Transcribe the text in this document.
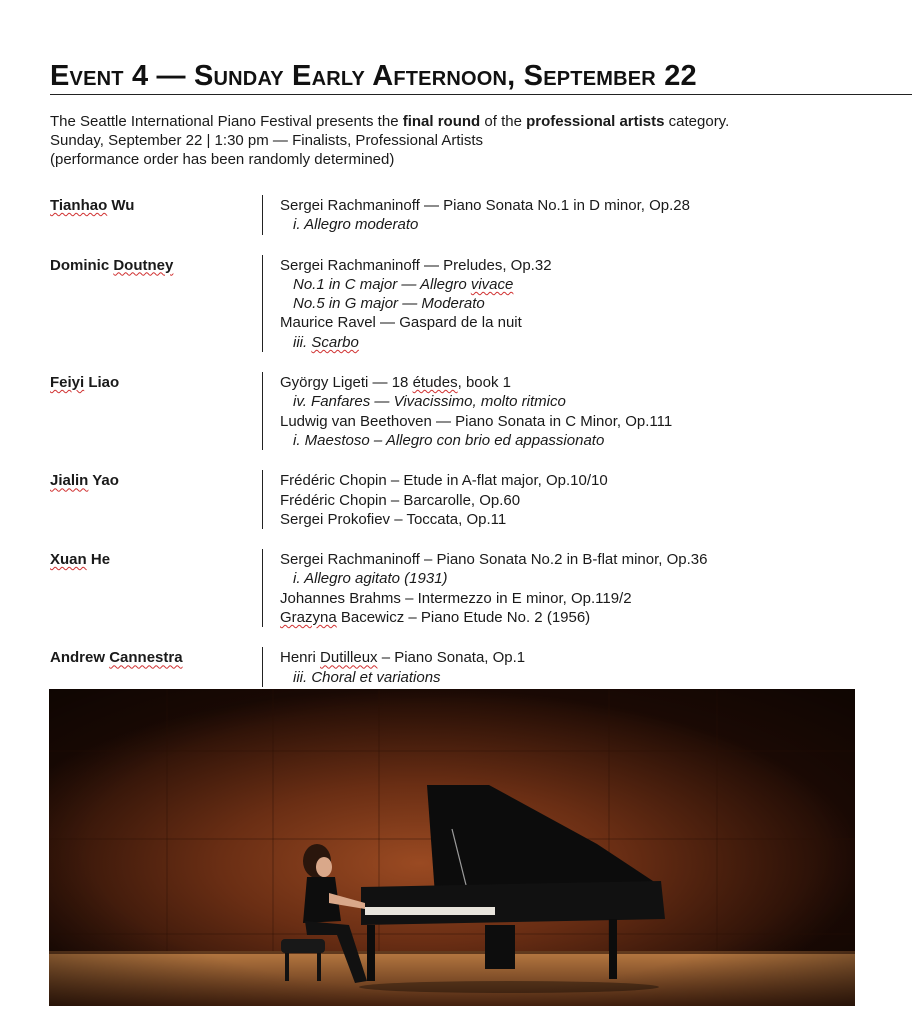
Event 4 — Sunday Early Afternoon, September 22

The Seattle International Piano Festival presents the final round of the professional artists category.

Sunday, September 22 | 1:30 pm — Finalists, Professional Artists

(performance order has been randomly determined)

Tianhao Wu	Sergei Rachmaninoff — Piano Sonata No.1 in D minor, Op.28
i. Allegro moderato
Dominic Doutney	Sergei Rachmaninoff — Preludes, Op.32
No.1 in C major — Allegro vivace
No.5 in G major — Moderato
Maurice Ravel — Gaspard de la nuit
iii. Scarbo
Feiyi Liao	György Ligeti — 18 études, book 1
iv. Fanfares — Vivacissimo, molto ritmico
Ludwig van Beethoven — Piano Sonata in C Minor, Op.111
i. Maestoso – Allegro con brio ed appassionato
Jialin Yao	Frédéric Chopin – Etude in A-flat major, Op.10/10
Frédéric Chopin – Barcarolle, Op.60
Sergei Prokofiev – Toccata, Op.11
Xuan He	Sergei Rachmaninoff – Piano Sonata No.2 in B-flat minor, Op.36
i. Allegro agitato (1931)
Johannes Brahms – Intermezzo in E minor, Op.119/2
Grazyna Bacewicz – Piano Etude No. 2 (1956)
Andrew Cannestra	Henri Dutilleux – Piano Sonata, Op.1
iii. Choral et variations
